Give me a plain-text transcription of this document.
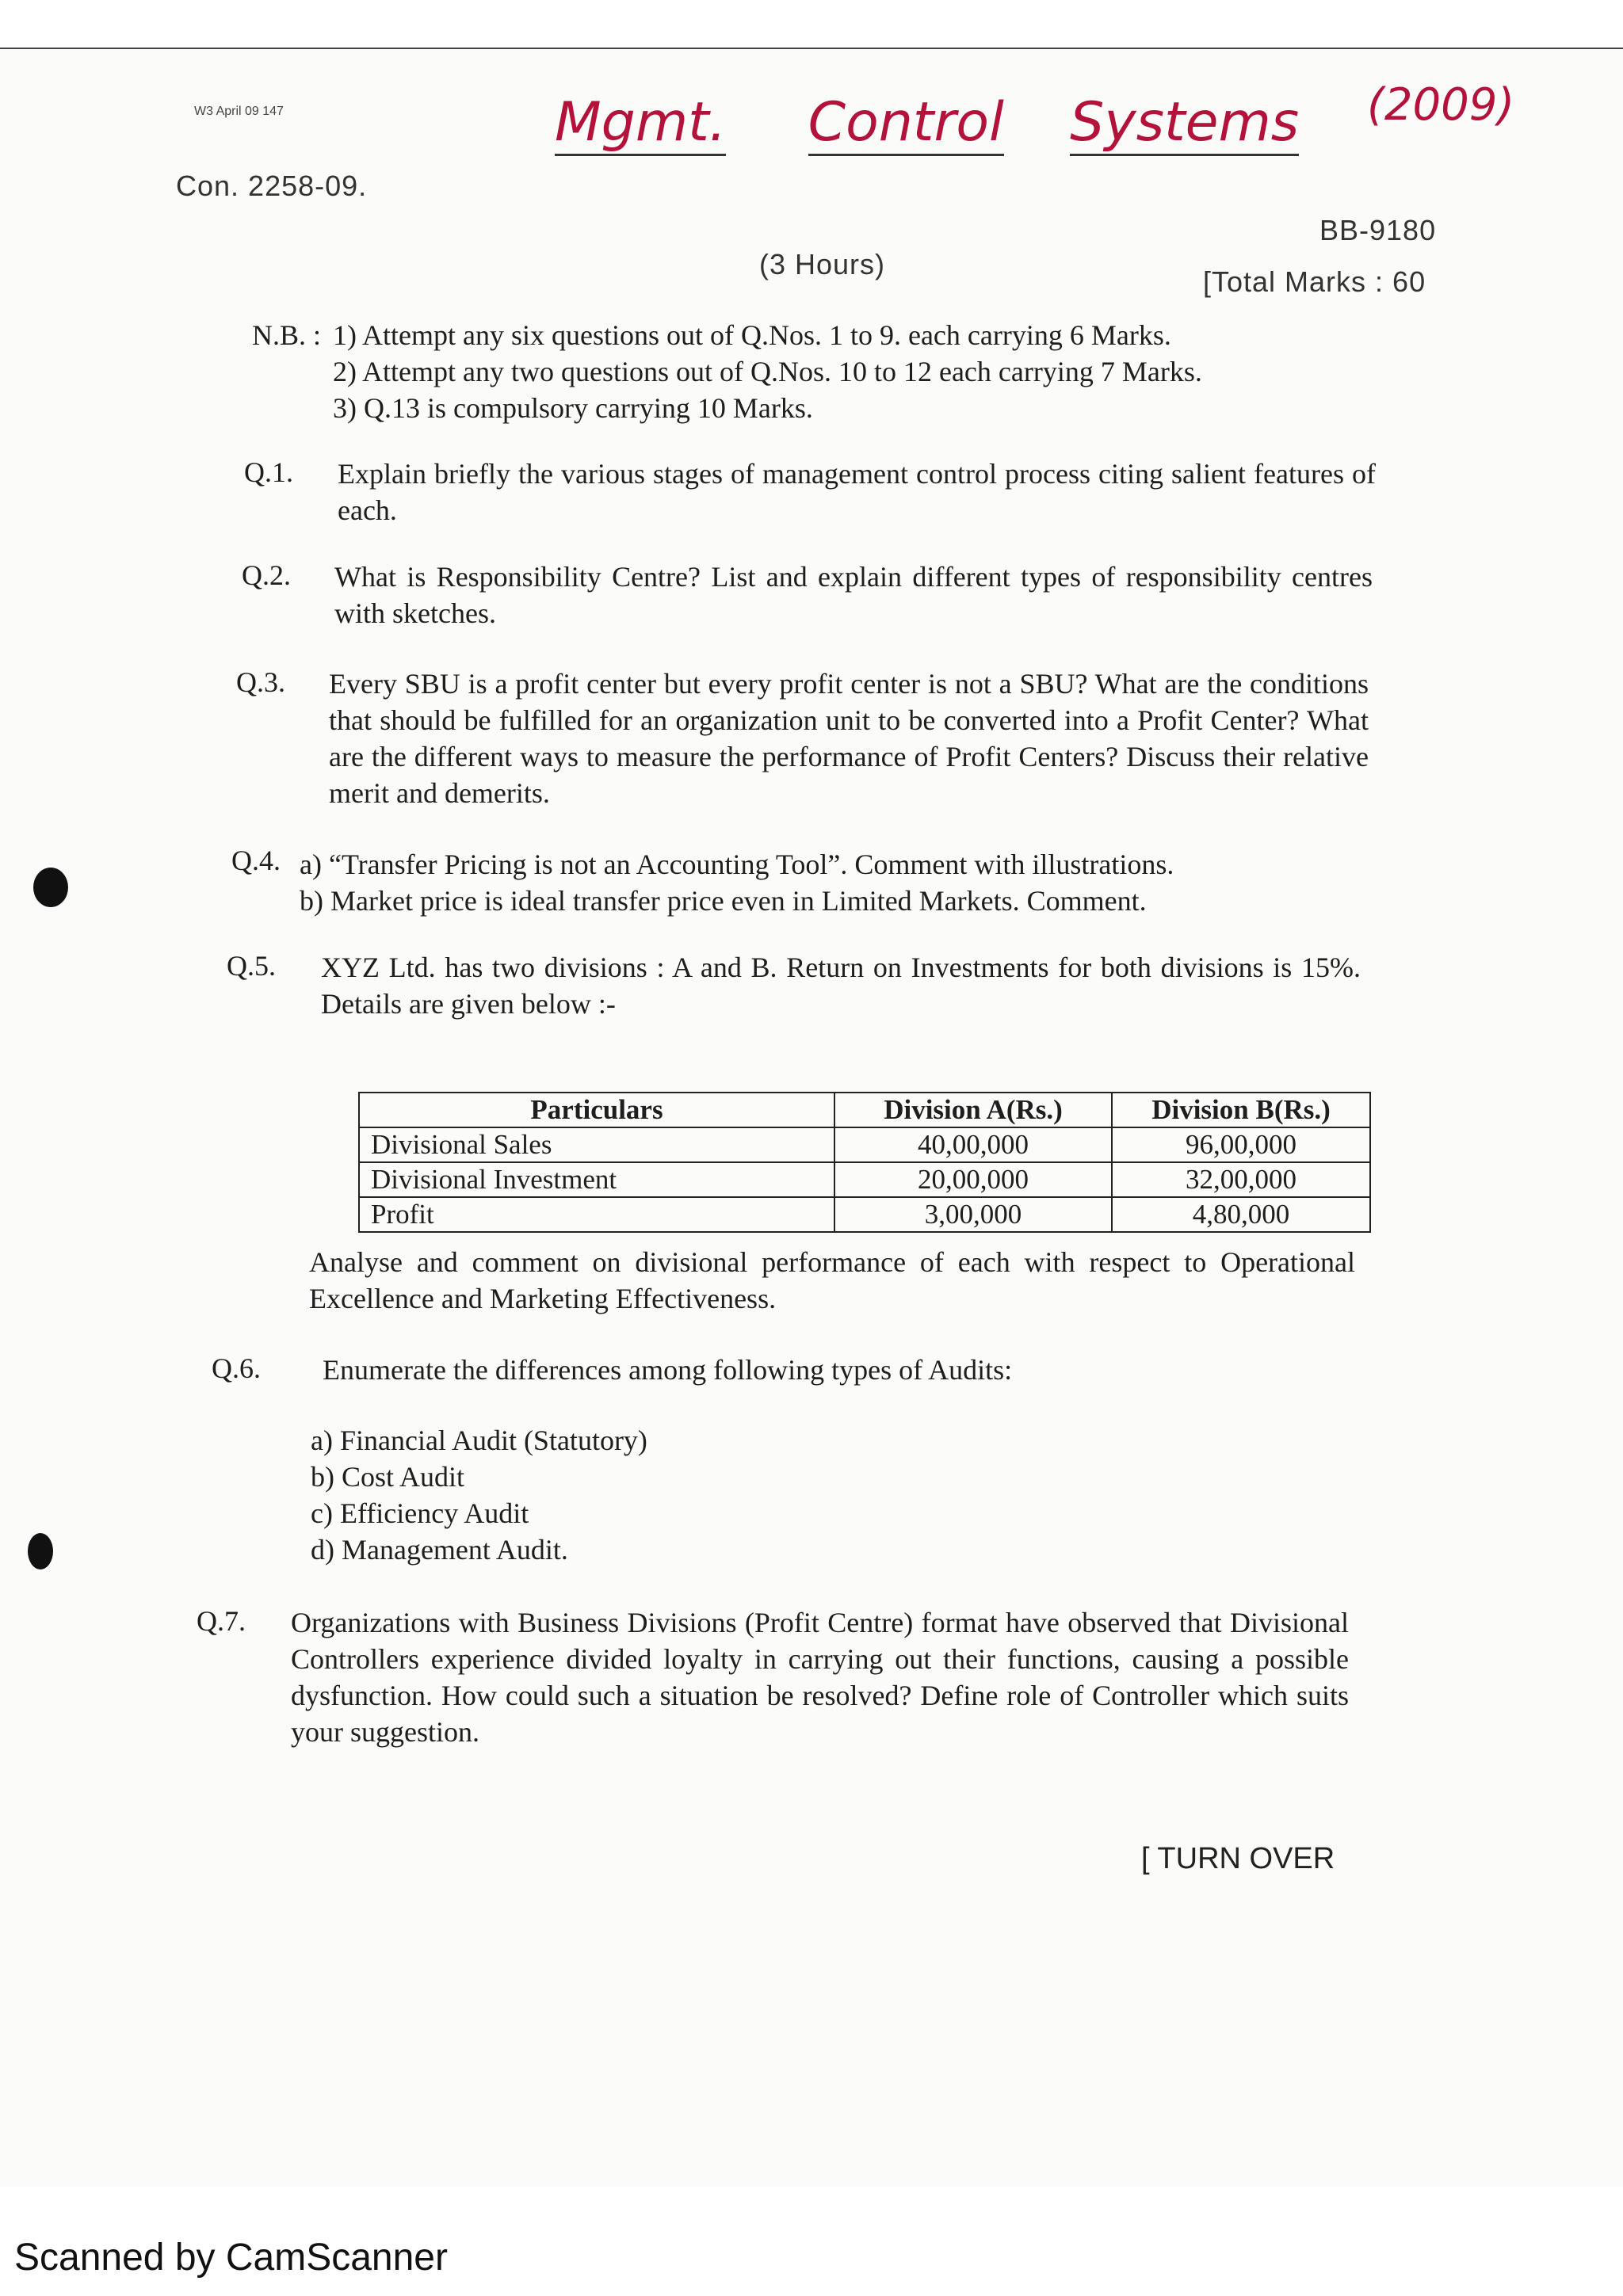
W3 April 09 147
Con. 2258-09.
Mgmt. Control Systems (2009)
BB-9180
(3 Hours)
[Total Marks : 60
N.B. : 1) Attempt any six questions out of Q.Nos. 1 to 9. each carrying 6 Marks.
2) Attempt any two questions out of Q.Nos. 10 to 12 each carrying 7 Marks.
3) Q.13 is compulsory carrying 10 Marks.
Q.1. Explain briefly the various stages of management control process citing salient features of each.
Q.2. What is Responsibility Centre? List and explain different types of responsibility centres with sketches.
Q.3. Every SBU is a profit center but every profit center is not a SBU? What are the conditions that should be fulfilled for an organization unit to be converted into a Profit Center? What are the different ways to measure the performance of Profit Centers? Discuss their relative merit and demerits.
Q.4. a) “Transfer Pricing is not an Accounting Tool”. Comment with illustrations.
b) Market price is ideal transfer price even in Limited Markets. Comment.
Q.5. XYZ Ltd. has two divisions : A and B. Return on Investments for both divisions is 15%. Details are given below :-
Particulars	Division A(Rs.)	Division B(Rs.)
Divisional Sales	40,00,000	96,00,000
Divisional Investment	20,00,000	32,00,000
Profit	3,00,000	4,80,000
Analyse and comment on divisional performance of each with respect to Operational Excellence and Marketing Effectiveness.
Q.6. Enumerate the differences among following types of Audits:
a) Financial Audit (Statutory)
b) Cost Audit
c) Efficiency Audit
d) Management Audit.
Q.7. Organizations with Business Divisions (Profit Centre) format have observed that Divisional Controllers experience divided loyalty in carrying out their functions, causing a possible dysfunction. How could such a situation be resolved? Define role of Controller which suits your suggestion.
[ TURN OVER
Scanned by CamScanner
